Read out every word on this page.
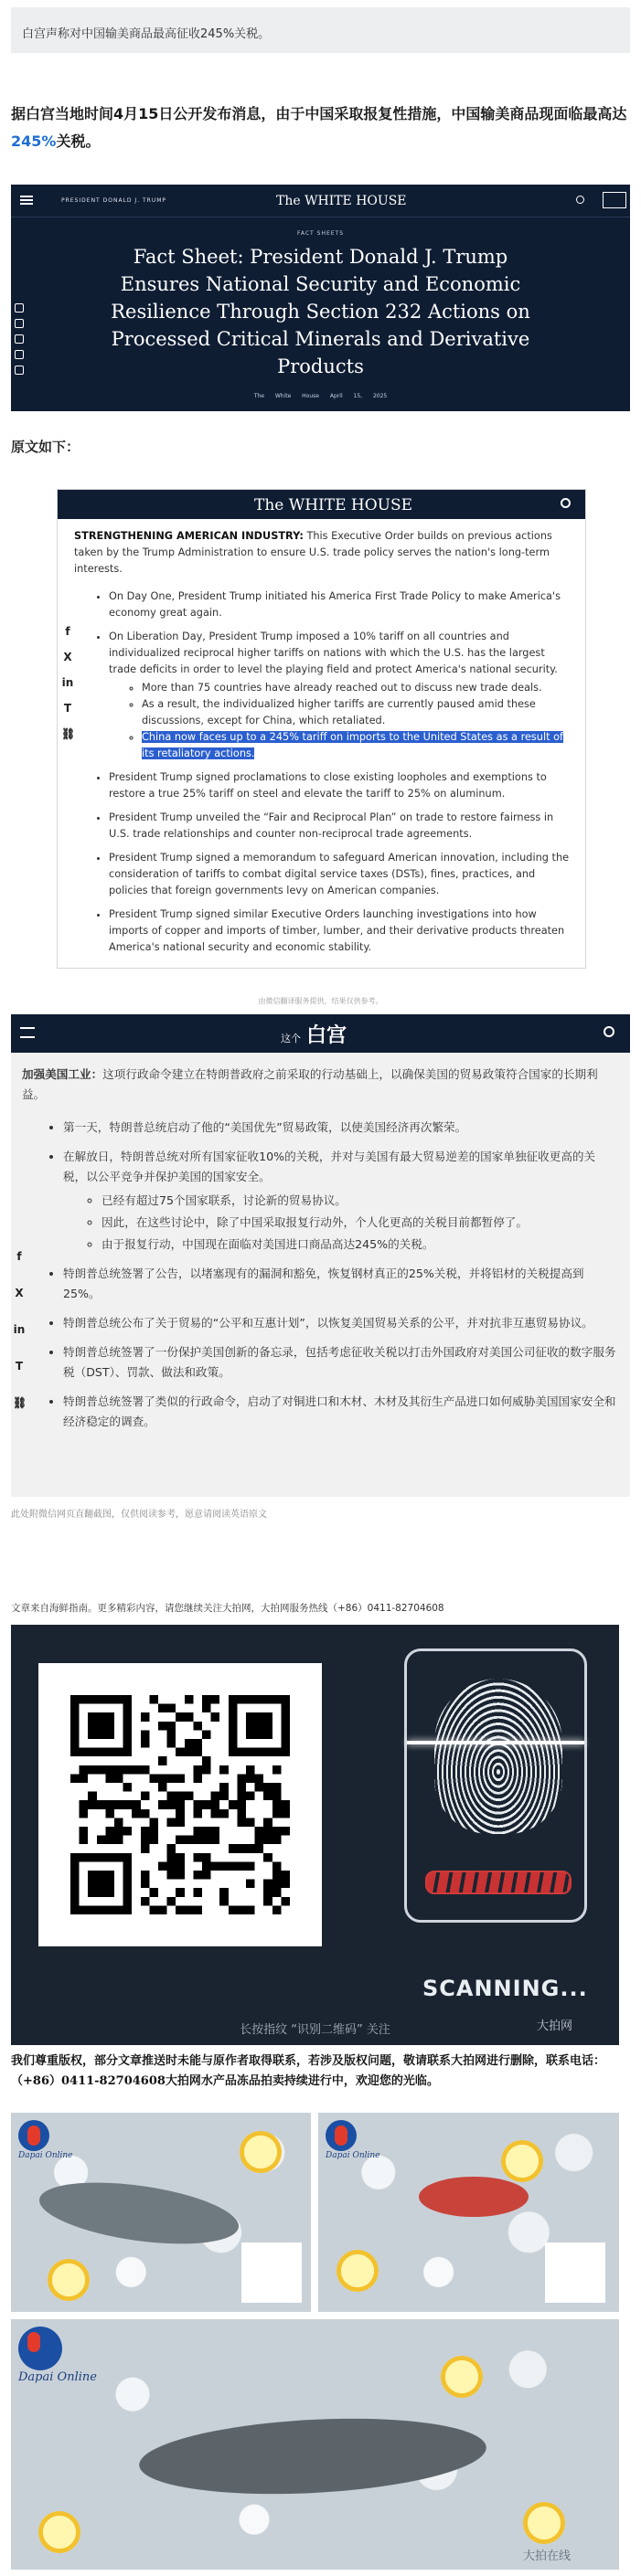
白宫声称对中国输美商品最高征收245%关税。
据白宫当地时间4月15日公开发布消息，由于中国采取报复性措施，中国输美商品现面临最高达245%关税。
PRESIDENT DONALD J. TRUMP	The WHITE HOUSE
FACT SHEETS
Fact Sheet: President Donald J. Trump Ensures National Security and Economic Resilience Through Section 232 Actions on Processed Critical Minerals and Derivative Products
The White House April 15, 2025
原文如下：
The WHITE HOUSE
f
X
in
T
⛓

STRENGTHENING AMERICAN INDUSTRY: This Executive Order builds on previous actions taken by the Trump Administration to ensure U.S. trade policy serves the nation's long-term interests.

• On Day One, President Trump initiated his America First Trade Policy to make America's economy great again.
• On Liberation Day, President Trump imposed a 10% tariff on all countries and individualized reciprocal higher tariffs on nations with which the U.S. has the largest trade deficits in order to level the playing field and protect America's national security.
◦ More than 75 countries have already reached out to discuss new trade deals.
◦ As a result, the individualized higher tariffs are currently paused amid these discussions, except for China, which retaliated.
◦ China now faces up to a 245% tariff on imports to the United States as a result of its retaliatory actions.
• President Trump signed proclamations to close existing loopholes and exemptions to restore a true 25% tariff on steel and elevate the tariff to 25% on aluminum.
• President Trump unveiled the “Fair and Reciprocal Plan” on trade to restore fairness in U.S. trade relationships and counter non-reciprocal trade agreements.
• President Trump signed a memorandum to safeguard American innovation, including the consideration of tariffs to combat digital service taxes (DSTs), fines, practices, and policies that foreign governments levy on American companies.
• President Trump signed similar Executive Orders launching investigations into how imports of copper and imports of timber, lumber, and their derivative products threaten America's national security and economic stability.
由微信翻译服务提供，结果仅供参考。
这个 白宫
f
X
in
T
⛓

加强美国工业：这项行政命令建立在特朗普政府之前采取的行动基础上，以确保美国的贸易政策符合国家的长期利益。

• 第一天，特朗普总统启动了他的“美国优先”贸易政策，以使美国经济再次繁荣。
• 在解放日，特朗普总统对所有国家征收10%的关税，并对与美国有最大贸易逆差的国家单独征收更高的关税，以公平竞争并保护美国的国家安全。
◦ 已经有超过75个国家联系，讨论新的贸易协议。
◦ 因此，在这些讨论中，除了中国采取报复行动外，个人化更高的关税目前都暂停了。
◦ 由于报复行动，中国现在面临对美国进口商品高达245%的关税。
• 特朗普总统签署了公告，以堵塞现有的漏洞和豁免，恢复钢材真正的25%关税，并将铝材的关税提高到25%。
• 特朗普总统公布了关于贸易的“公平和互惠计划”，以恢复美国贸易关系的公平，并对抗非互惠贸易协议。
• 特朗普总统签署了一份保护美国创新的备忘录，包括考虑征收关税以打击外国政府对美国公司征收的数字服务税（DST）、罚款、做法和政策。
• 特朗普总统签署了类似的行政命令，启动了对铜进口和木材、木材及其衍生产品进口如何威胁美国国家安全和经济稳定的调查。
此处附微信网页直翻截图，仅供阅读参考，愿意请阅读英语原文
文章来自海鲜指南。更多精彩内容，请您继续关注大拍网，大拍网服务热线（+86）0411-82704608
SCANNING...
长按指纹 “识别二维码” 关注	大拍网
我们尊重版权，部分文章推送时未能与原作者取得联系，若涉及版权问题，敬请联系大拍网进行删除，联系电话：（+86）0411-82704608大拍网水产品冻品拍卖持续进行中，欢迎您的光临。
Dapai Online	Dapai Online
Dapai Online
大拍在线
